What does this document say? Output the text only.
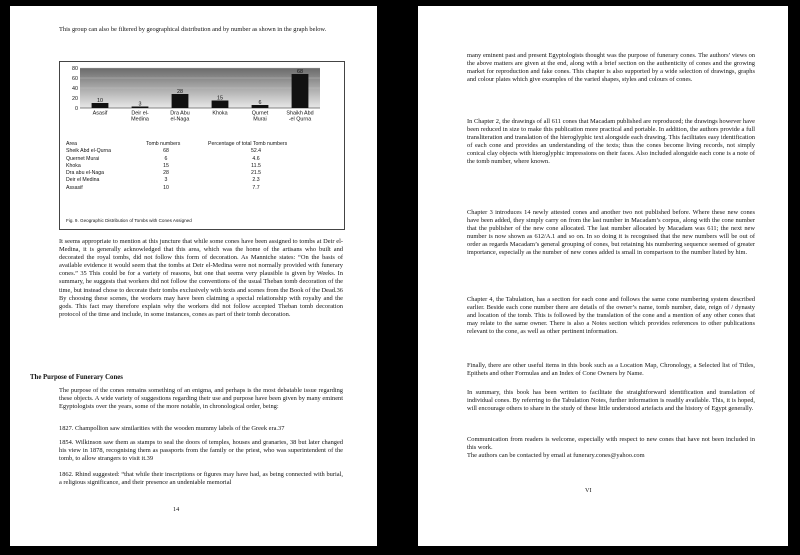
This group can also be filtered by geographical distribution and by number as shown in the graph below.

0
20
40
60
80
10
Asasif
3
Deir el-Medina
28
Dra Abu el-Naga
15
Khoka
6
Qurnet Murai
68
Shaikh Abd -el Qurna
Area	Tomb numbers	Percentage of total Tomb numbers
Sheik Abd el-Qurna	68	52.4
Quernet Murai	6	4.6
Khoka	15	11.5
Dra abu el-Naga	28	21.5
Deir el Medina	3	2.3
Assasif	10	7.7
Fig. 9. Geographic Distribution of Tombs with Cones Assigned

It seems appropriate to mention at this juncture that while some cones have been assigned to tombs at Deir el-Medina, it is generally acknowledged that this area, which was the home of the artisans who built and decorated the royal tombs, did not follow this form of decoration. As Manniche states: “On the basis of available evidence it would seem that the tombs at Deir el-Medina were not normally provided with funerary cones.” 35 This could be for a variety of reasons, but one that seems very plausible is given by Weeks. In summary, he suggests that workers did not follow the conventions of the usual Theban tomb decoration of the time, but instead chose to decorate their tombs exclusively with texts and scenes from the Book of the Dead.36 By choosing these scenes, the workers may have been claiming a special relationship with royalty and the gods. This fact may therefore explain why the workers did not follow accepted Theban tomb decoration protocol of the time and include, in some instances, cones as part of their tomb decoration.

The Purpose of Funerary Cones

The purpose of the cones remains something of an enigma, and perhaps is the most debatable issue regarding these objects. A wide variety of suggestions regarding their use and purpose have been given by many eminent Egyptologists over the years, some of the more notable, in chronological order, being:

1827. Champollion saw similarities with the wooden mummy labels of the Greek era.37

1854. Wilkinson saw them as stamps to seal the doors of temples, houses and granaries, 38 but later changed his view in 1878, recognising them as passports from the family or the priest, who was superintendent of the tomb, to allow strangers to visit it.39

1862. Rhind suggested: “that while their inscriptions or figures may have had, as being connected with burial, a religious significance, and their presence an undeniable memorial

14

many eminent past and present Egyptologists thought was the purpose of funerary cones. The authors’ views on the above matters are given at the end, along with a brief section on the authenticity of cones and the growing market for reproduction and fake cones. This chapter is also supported by a wide selection of drawings, graphs and colour plates which give examples of the varied shapes, styles and colours of cones.

In Chapter 2, the drawings of all 611 cones that Macadam published are reproduced; the drawings however have been reduced in size to make this publication more practical and portable. In addition, the authors provide a full transliteration and translation of the hieroglyphic text alongside each drawing. This facilitates easy identification of each cone and provides an understanding of the texts; thus the cones become living records, not simply conical clay objects with hieroglyphic impressions on their faces. Also included alongside each cone is a note of the tomb number, where known.

Chapter 3 introduces 14 newly attested cones and another two not published before. Where these new cones have been added, they simply carry on from the last number in Macadam’s corpus, along with the cone number that the publisher of the new cone allocated. The last number allocated by Macadam was 611; the next new number is now shown as 612/A.1 and so on. In so doing it is recognised that the new numbers will be out of order as regards Macadam’s general grouping of cones, but retaining his numbering sequence seemed of greater importance, especially as the number of new cones added is small in comparison to the number listed by him.

Chapter 4, the Tabulation, has a section for each cone and follows the same cone numbering system described earlier. Beside each cone number there are details of the owner’s name, tomb number, date, reign of / dynasty and location of the tomb. This is followed by the translation of the cone and a mention of any other cones that may relate to the same owner. There is also a Notes section which provides references to other publications relevant to the cone, as well as other pertinent information.

Finally, there are other useful items in this book such as a Location Map, Chronology, a Selected list of Titles, Epithets and other Formulas and an Index of Cone Owners by Name.

In summary, this book has been written to facilitate the straightforward identification and translation of individual cones. By referring to the Tabulation Notes, further information is readily available. This, it is hoped, will encourage others to share in the study of these little understood artefacts and the history of Egypt generally.

Communication from readers is welcome, especially with respect to new cones that have not been included in this work.

The authors can be contacted by email at funerary.cones@yahoo.com

VI
